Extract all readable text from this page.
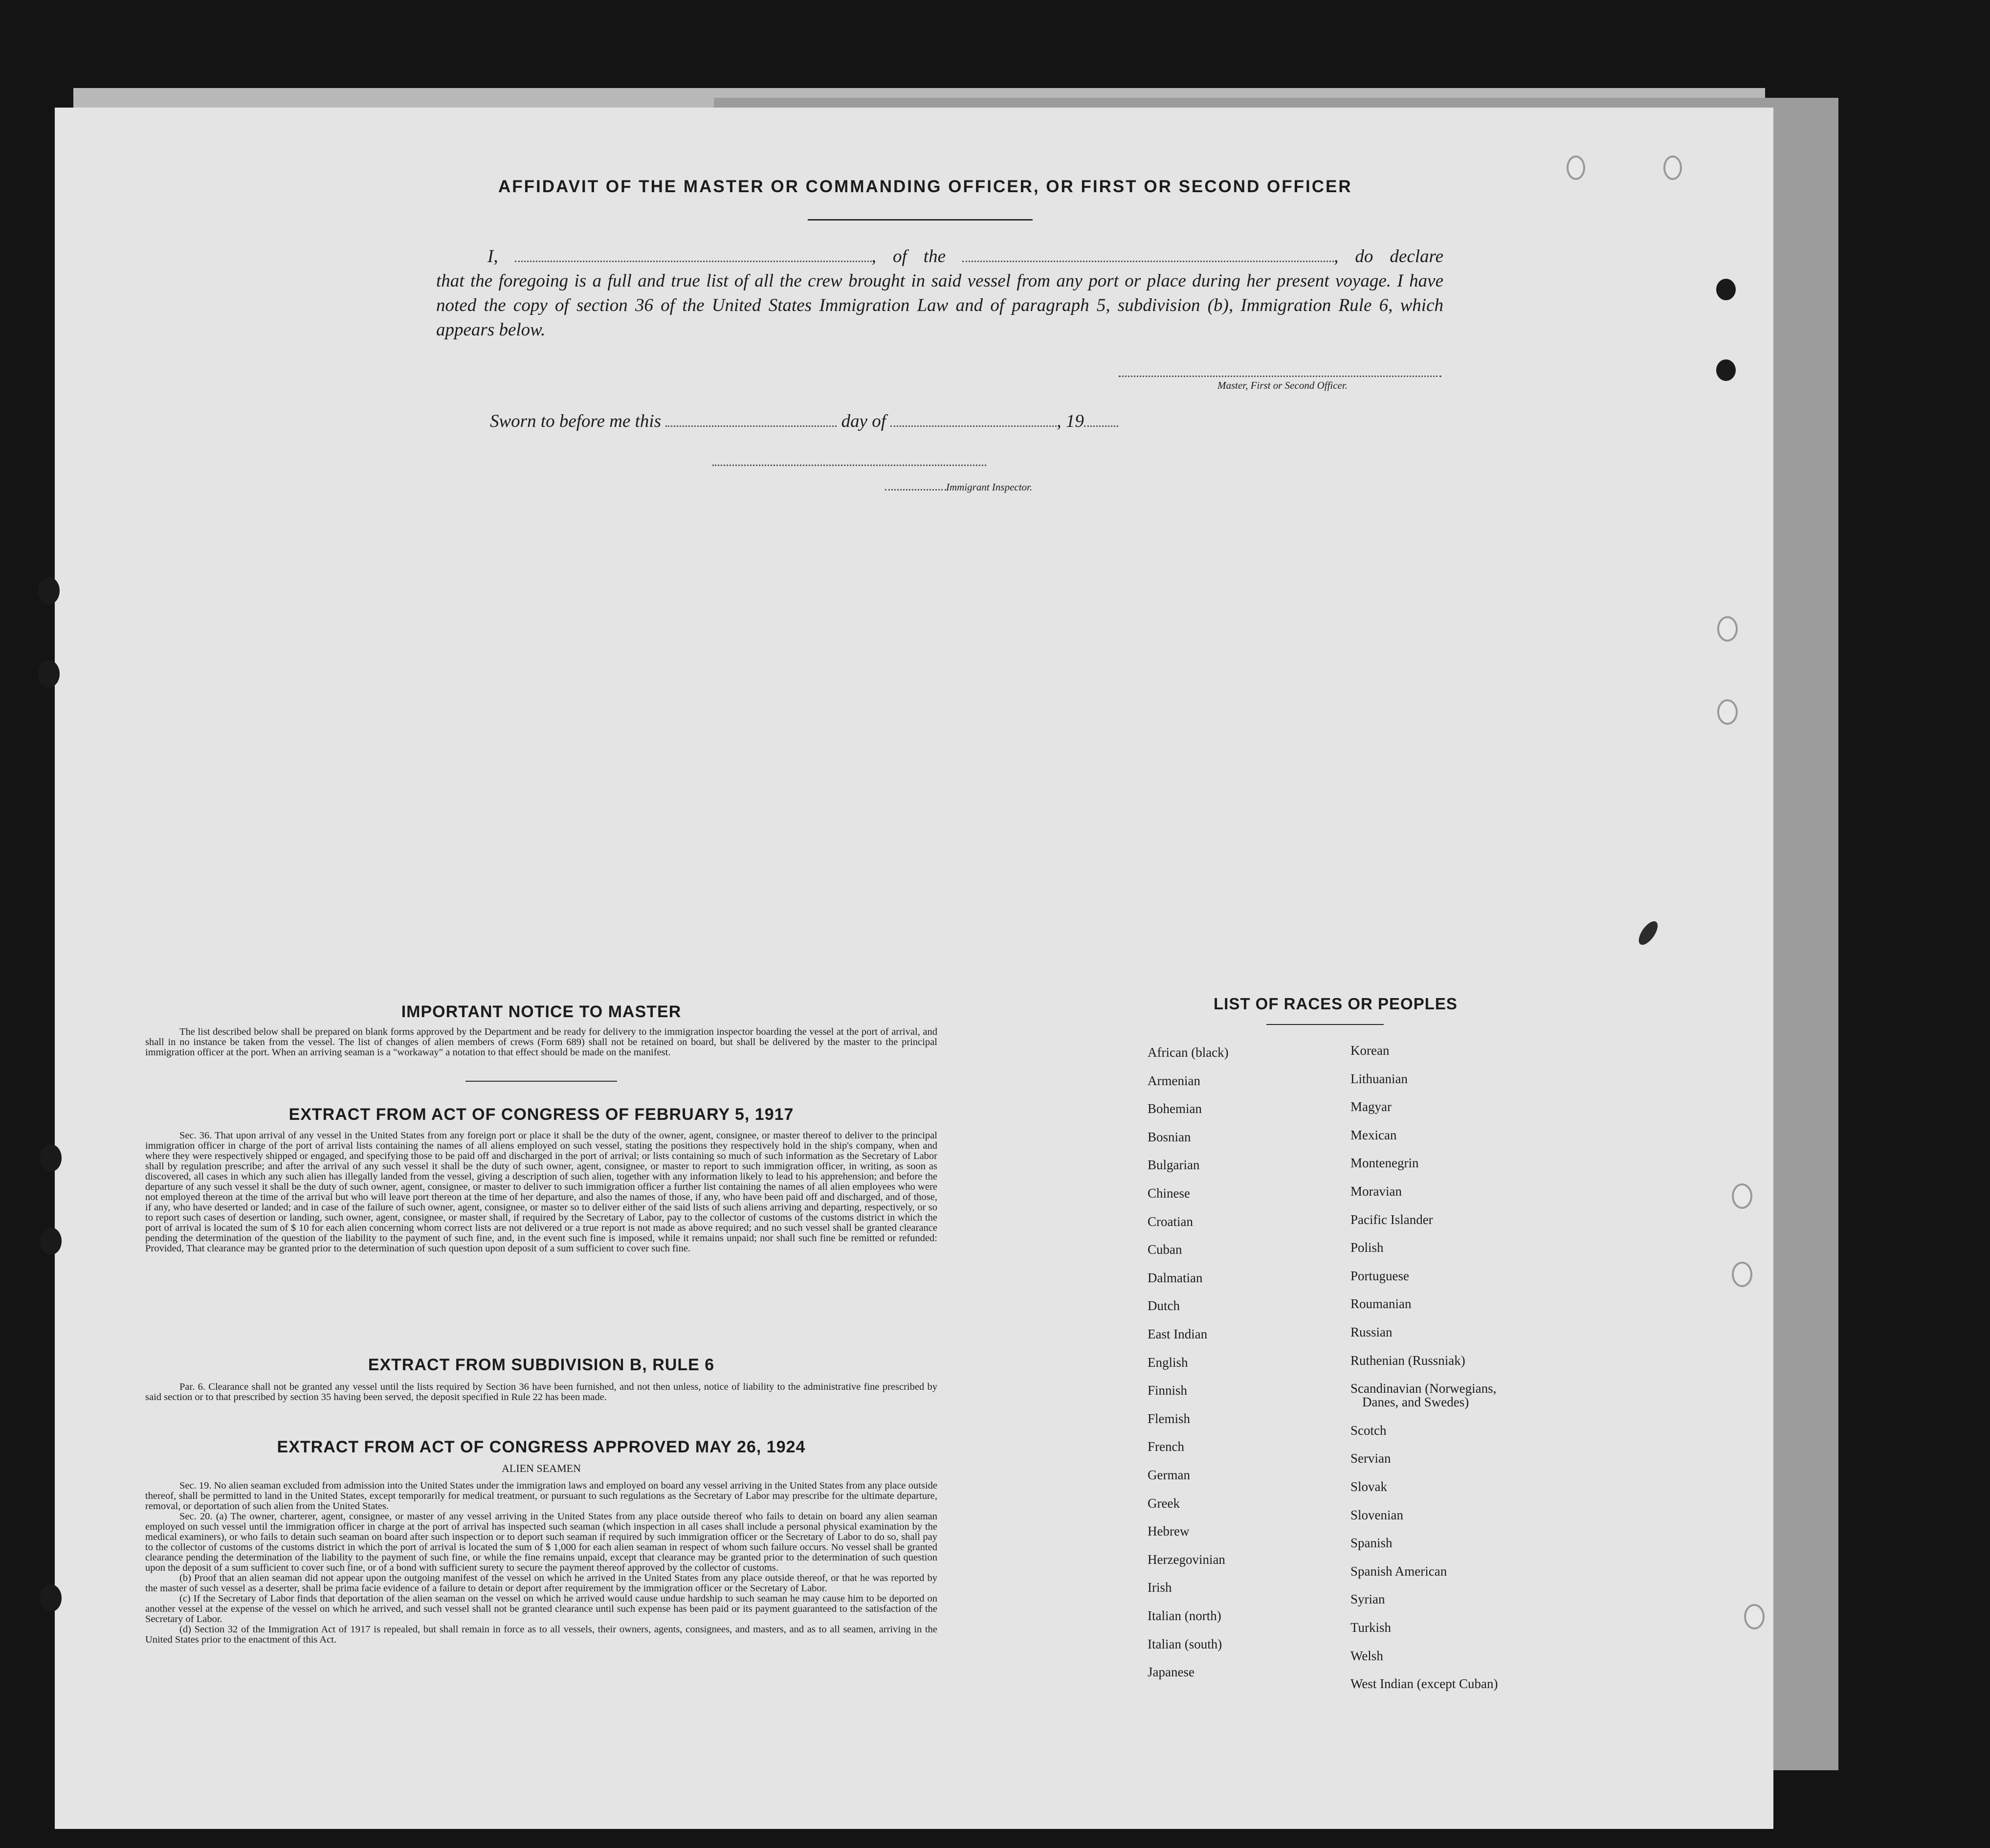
AFFIDAVIT OF THE MASTER OR COMMANDING OFFICER, OR FIRST OR SECOND OFFICER
I,	, of the	, do declare
that the foregoing is a full and true list of all the crew brought in said vessel from any port or place during her present voyage. I have noted the copy of section 36 of the United States Immigration Law and of paragraph 5, subdivision (b), Immigration Rule 6, which appears below.
Master, First or Second Officer.
Sworn to before me this	day of	, 19
Immigrant Inspector.
IMPORTANT NOTICE TO MASTER

The list described below shall be prepared on blank forms approved by the Department and be ready for delivery to the immigration inspector boarding the vessel at the port of arrival, and shall in no instance be taken from the vessel. The list of changes of alien members of crews (Form 689) shall not be retained on board, but shall be delivered by the master to the principal immigration officer at the port. When an arriving seaman is a "workaway" a notation to that effect should be made on the manifest.

EXTRACT FROM ACT OF CONGRESS OF FEBRUARY 5, 1917

Sec. 36. That upon arrival of any vessel in the United States from any foreign port or place it shall be the duty of the owner, agent, consignee, or master thereof to deliver to the principal immigration officer in charge of the port of arrival lists containing the names of all aliens employed on such vessel, stating the positions they respectively hold in the ship's company, when and where they were respectively shipped or engaged, and specifying those to be paid off and discharged in the port of arrival; or lists containing so much of such information as the Secretary of Labor shall by regulation prescribe; and after the arrival of any such vessel it shall be the duty of such owner, agent, consignee, or master to report to such immigration officer, in writing, as soon as discovered, all cases in which any such alien has illegally landed from the vessel, giving a description of such alien, together with any information likely to lead to his apprehension; and before the departure of any such vessel it shall be the duty of such owner, agent, consignee, or master to deliver to such immigration officer a further list containing the names of all alien employees who were not employed thereon at the time of the arrival but who will leave port thereon at the time of her departure, and also the names of those, if any, who have been paid off and discharged, and of those, if any, who have deserted or landed; and in case of the failure of such owner, agent, consignee, or master so to deliver either of the said lists of such aliens arriving and departing, respectively, or so to report such cases of desertion or landing, such owner, agent, consignee, or master shall, if required by the Secretary of Labor, pay to the collector of customs of the customs district in which the port of arrival is located the sum of $ 10 for each alien concerning whom correct lists are not delivered or a true report is not made as above required; and no such vessel shall be granted clearance pending the determination of the question of the liability to the payment of such fine, and, in the event such fine is imposed, while it remains unpaid; nor shall such fine be remitted or refunded: Provided, That clearance may be granted prior to the determination of such question upon deposit of a sum sufficient to cover such fine.

EXTRACT FROM SUBDIVISION B, RULE 6

Par. 6. Clearance shall not be granted any vessel until the lists required by Section 36 have been furnished, and not then unless, notice of liability to the administrative fine prescribed by said section or to that prescribed by section 35 having been served, the deposit specified in Rule 22 has been made.

EXTRACT FROM ACT OF CONGRESS APPROVED MAY 26, 1924
ALIEN SEAMEN

Sec. 19. No alien seaman excluded from admission into the United States under the immigration laws and employed on board any vessel arriving in the United States from any place outside thereof, shall be permitted to land in the United States, except temporarily for medical treatment, or pursuant to such regulations as the Secretary of Labor may prescribe for the ultimate departure, removal, or deportation of such alien from the United States.

Sec. 20. (a) The owner, charterer, agent, consignee, or master of any vessel arriving in the United States from any place outside thereof who fails to detain on board any alien seaman employed on such vessel until the immigration officer in charge at the port of arrival has inspected such seaman (which inspection in all cases shall include a personal physical examination by the medical examiners), or who fails to detain such seaman on board after such inspection or to deport such seaman if required by such immigration officer or the Secretary of Labor to do so, shall pay to the collector of customs of the customs district in which the port of arrival is located the sum of $ 1,000 for each alien seaman in respect of whom such failure occurs. No vessel shall be granted clearance pending the determination of the liability to the payment of such fine, or while the fine remains unpaid, except that clearance may be granted prior to the determination of such question upon the deposit of a sum sufficient to cover such fine, or of a bond with sufficient surety to secure the payment thereof approved by the collector of customs.

(b) Proof that an alien seaman did not appear upon the outgoing manifest of the vessel on which he arrived in the United States from any place outside thereof, or that he was reported by the master of such vessel as a deserter, shall be prima facie evidence of a failure to detain or deport after requirement by the immigration officer or the Secretary of Labor.

(c) If the Secretary of Labor finds that deportation of the alien seaman on the vessel on which he arrived would cause undue hardship to such seaman he may cause him to be deported on another vessel at the expense of the vessel on which he arrived, and such vessel shall not be granted clearance until such expense has been paid or its payment guaranteed to the satisfaction of the Secretary of Labor.

(d) Section 32 of the Immigration Act of 1917 is repealed, but shall remain in force as to all vessels, their owners, agents, consignees, and masters, and as to all seamen, arriving in the United States prior to the enactment of this Act.

LIST OF RACES OR PEOPLES
African (black)
Armenian
Bohemian
Bosnian
Bulgarian
Chinese
Croatian
Cuban
Dalmatian
Dutch
East Indian
English
Finnish
Flemish
French
German
Greek
Hebrew
Herzegovinian
Irish
Italian (north)
Italian (south)
Japanese
Korean
Lithuanian
Magyar
Mexican
Montenegrin
Moravian
Pacific Islander
Polish
Portuguese
Roumanian
Russian
Ruthenian (Russniak)
Scandinavian (Norwegians,
Danes, and Swedes)
Scotch
Servian
Slovak
Slovenian
Spanish
Spanish American
Syrian
Turkish
Welsh
West Indian (except Cuban)
